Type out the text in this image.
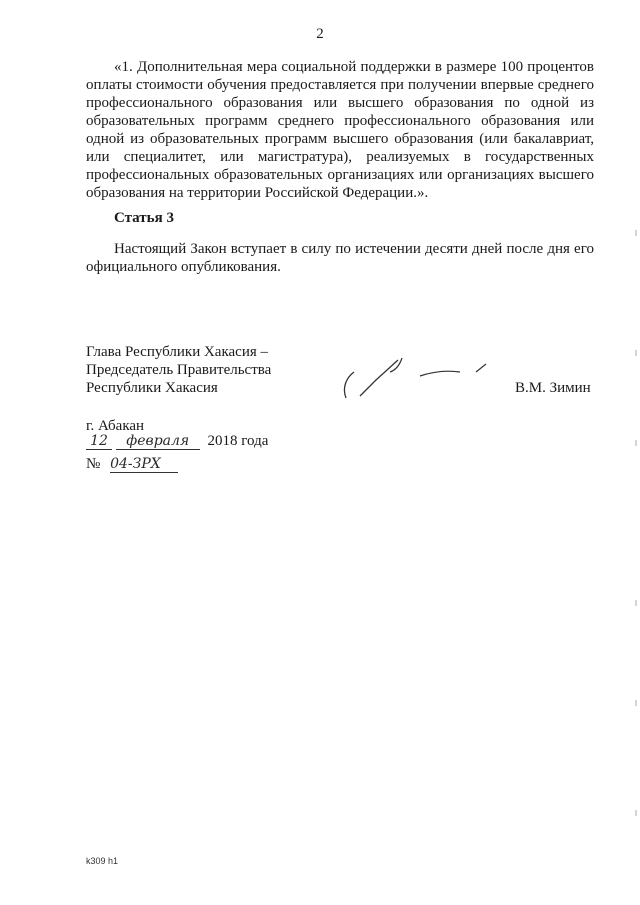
2

«1. Дополнительная мера социальной поддержки в размере 100 процентов оплаты стоимости обучения предоставляется при получении впервые среднего профессионального образования или высшего образования по одной из образовательных программ среднего профессионального образования или одной из образовательных программ высшего образования (или бакалавриат, или специалитет, или магистратура), реализуемых в государственных профессиональных образовательных организациях или организациях высшего образования на территории Российской Федерации.».

Статья 3

Настоящий Закон вступает в силу по истечении десяти дней после дня его официального опубликования.

Глава Республики Хакасия –
Председатель Правительства
Республики Хакасия	В.М. Зимин
г. Абакан
12 февраля 2018 года
№ 04-ЗРХ
k309 h1
